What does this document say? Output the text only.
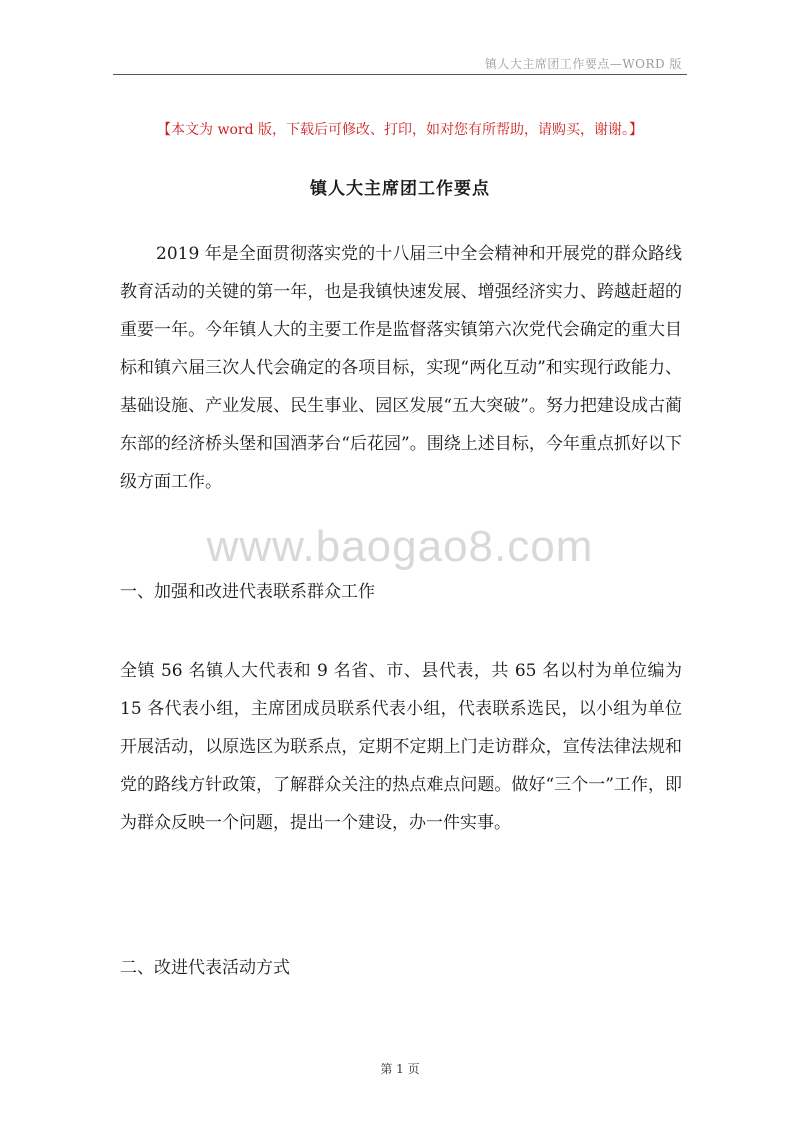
镇人大主席团工作要点—WORD 版
【本文为 word 版，下载后可修改、打印，如对您有所帮助，请购买，谢谢。】
镇人大主席团工作要点

2019 年是全面贯彻落实党的十八届三中全会精神和开展党的群众路线教育活动的关键的第一年，也是我镇快速发展、增强经济实力、跨越赶超的重要一年。今年镇人大的主要工作是监督落实镇第六次党代会确定的重大目标和镇六届三次人代会确定的各项目标，实现“两化互动”和实现行政能力、基础设施、产业发展、民生事业、园区发展“五大突破”。努力把建设成古蔺东部的经济桥头堡和国酒茅台“后花园”。围绕上述目标，今年重点抓好以下级方面工作。

www.baogao8.com

一、加强和改进代表联系群众工作

全镇 56 名镇人大代表和 9 名省、市、县代表，共 65 名以村为单位编为 15 各代表小组，主席团成员联系代表小组，代表联系选民，以小组为单位开展活动，以原选区为联系点，定期不定期上门走访群众，宣传法律法规和党的路线方针政策，了解群众关注的热点难点问题。做好“三个一”工作，即为群众反映一个问题，提出一个建设，办一件实事。

二、改进代表活动方式

第 1 页
